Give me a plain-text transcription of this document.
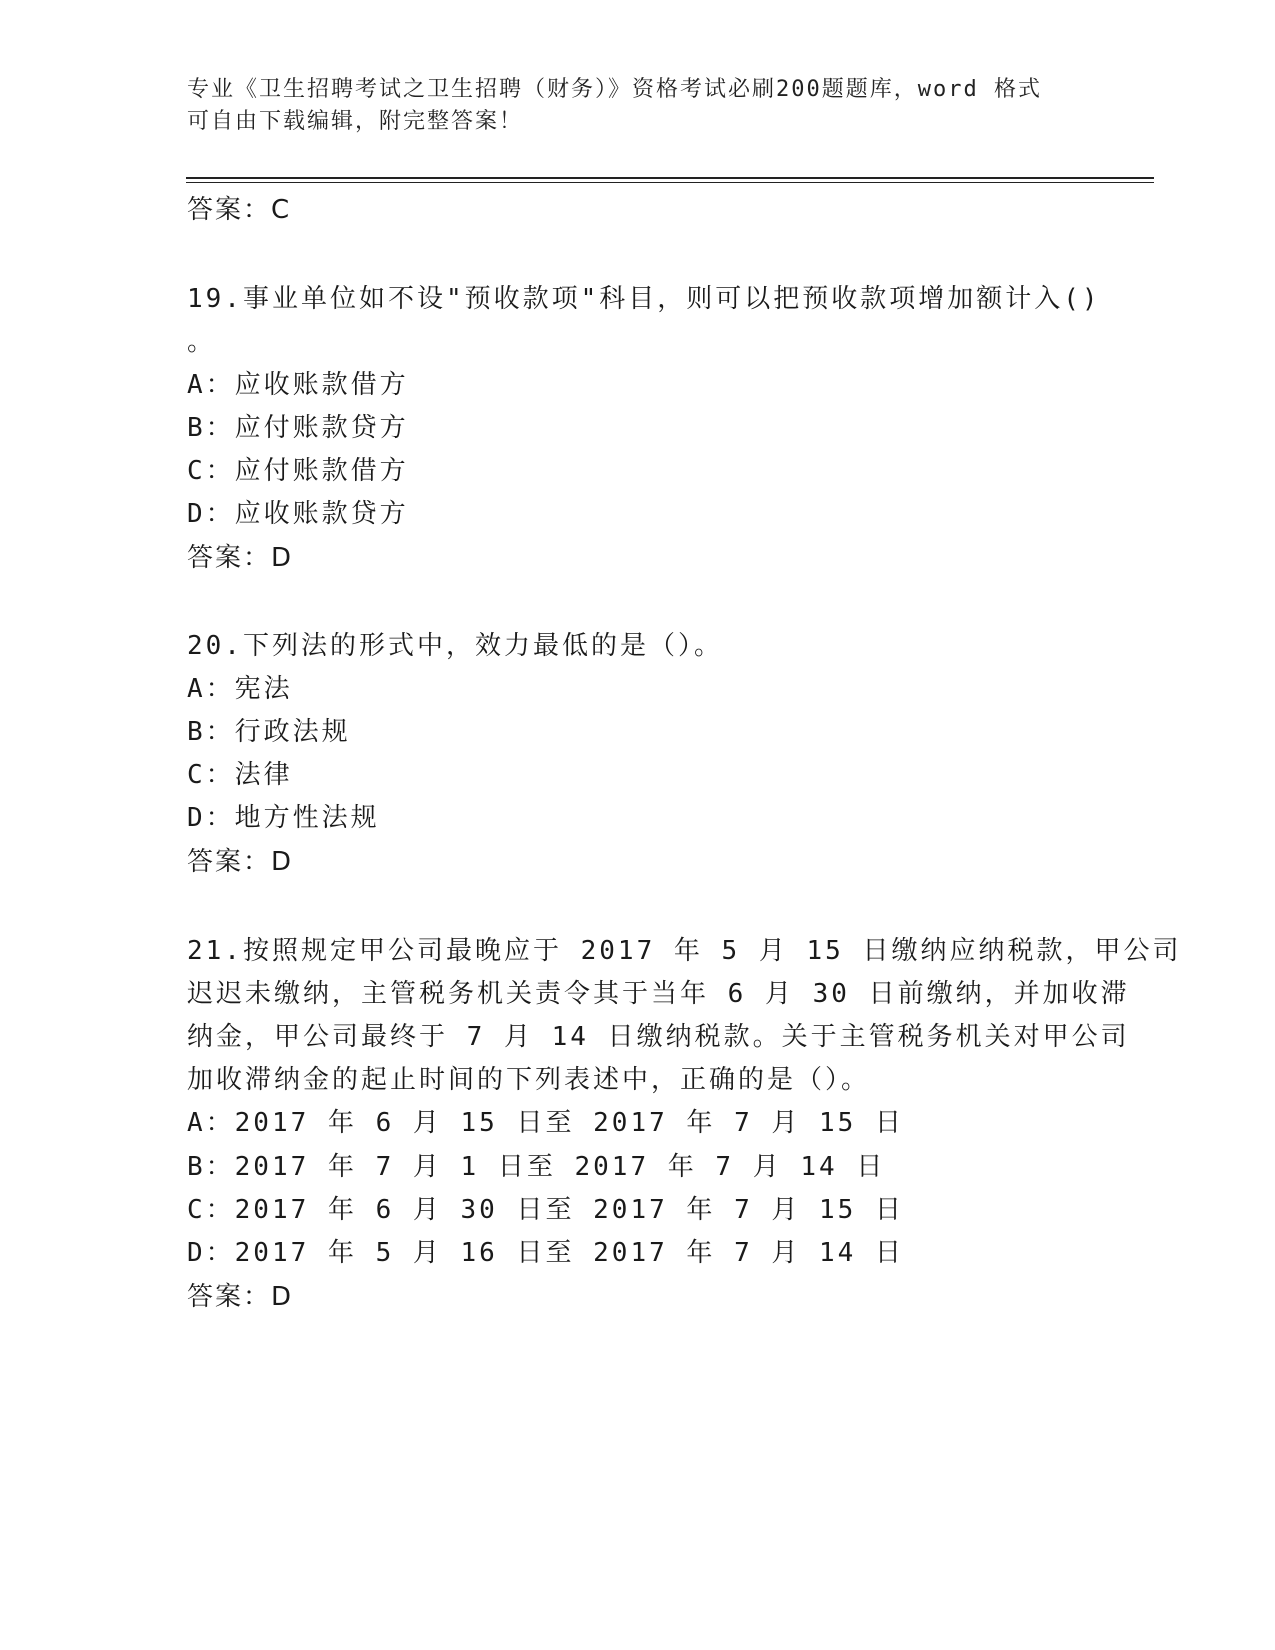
专业《卫生招聘考试之卫生招聘（财务）》资格考试必刷200题题库，word 格式
可自由下载编辑，附完整答案！
答案：C
19.事业单位如不设"预收款项"科目，则可以把预收款项增加额计入()
。
A：应收账款借方
B：应付账款贷方
C：应付账款借方
D：应收账款贷方
答案：D
20.下列法的形式中，效力最低的是（）。
A：宪法
B：行政法规
C：法律
D：地方性法规
答案：D
21.按照规定甲公司最晚应于 2017 年 5 月 15 日缴纳应纳税款，甲公司
迟迟未缴纳，主管税务机关责令其于当年 6 月 30 日前缴纳，并加收滞
纳金，甲公司最终于 7 月 14 日缴纳税款。关于主管税务机关对甲公司
加收滞纳金的起止时间的下列表述中，正确的是（）。
A：2017 年 6 月 15 日至 2017 年 7 月 15 日
B：2017 年 7 月 1 日至 2017 年 7 月 14 日
C：2017 年 6 月 30 日至 2017 年 7 月 15 日
D：2017 年 5 月 16 日至 2017 年 7 月 14 日
答案：D
